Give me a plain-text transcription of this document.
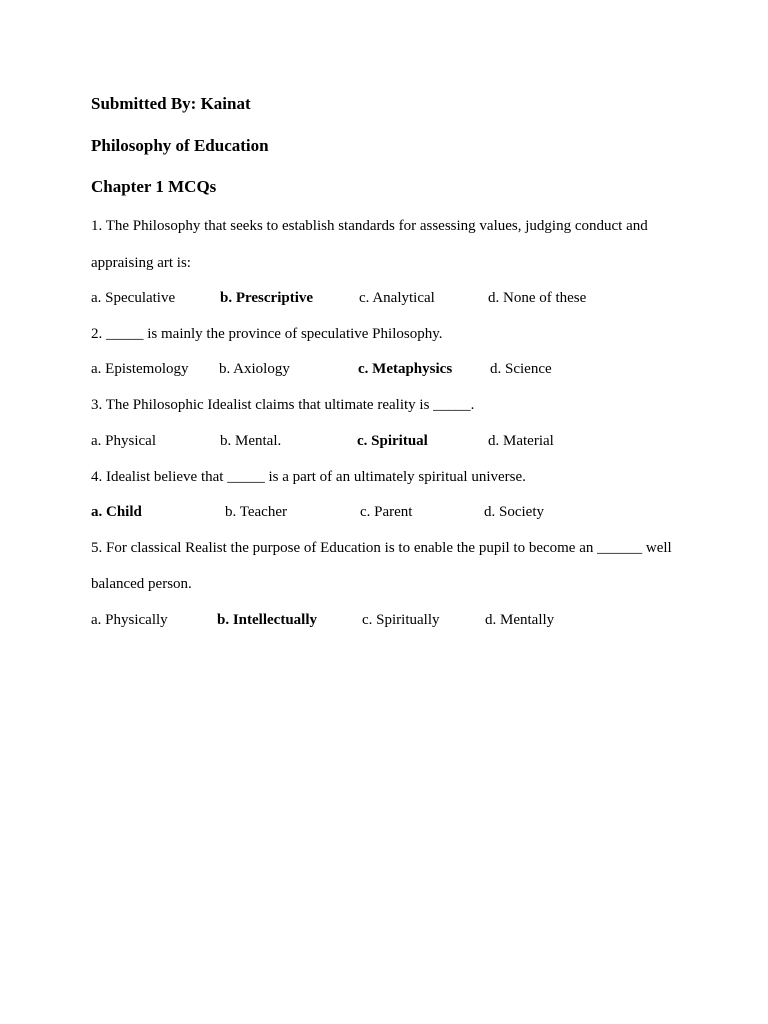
Submitted By: Kainat
Philosophy of Education
Chapter 1 MCQs
1. The Philosophy that seeks to establish standards for assessing values, judging conduct and
appraising art is:
a. Speculative	b. Prescriptive	c. Analytical	d. None of these
2. _____ is mainly the province of speculative Philosophy.
a. Epistemology b. Axiology	c. Metaphysics	d. Science
3. The Philosophic Idealist claims that ultimate reality is _____.
a. Physical	b. Mental.	c. Spiritual	d. Material
4. Idealist believe that _____ is a part of an ultimately spiritual universe.
a. Child	b. Teacher	c. Parent	d. Society
5. For classical Realist the purpose of Education is to enable the pupil to become an ______ well
balanced person.
a. Physically	b. Intellectually	c. Spiritually	d. Mentally
